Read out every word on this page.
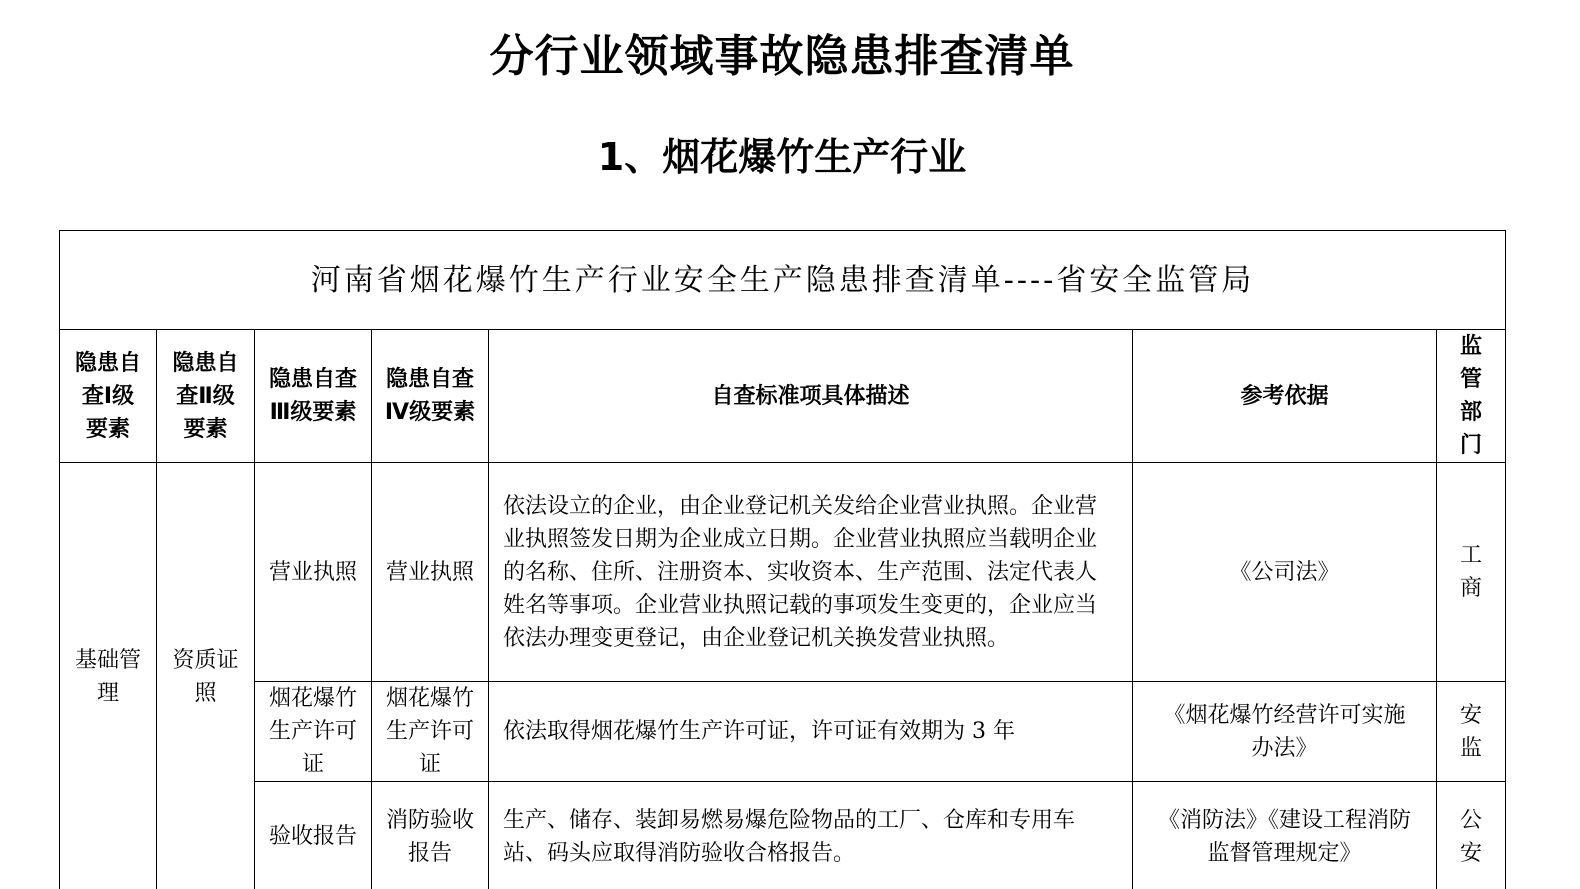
分行业领域事故隐患排查清单
1、烟花爆竹生产行业
河南省烟花爆竹生产行业安全生产隐患排查清单----省安全监管局						
隐患自查Ⅰ级要素	隐患自查Ⅱ级要素	隐患自查Ⅲ级要素	隐患自查Ⅳ级要素	自查标准项具体描述	参考依据	监管部门
基础管理	资质证照	营业执照	营业执照	依法设立的企业，由企业登记机关发给企业营业执照。企业营业执照签发日期为企业成立日期。企业营业执照应当载明企业的名称、住所、注册资本、实收资本、生产范围、法定代表人姓名等事项。企业营业执照记载的事项发生变更的，企业应当依法办理变更登记，由企业登记机关换发营业执照。	《公司法》	工商
		烟花爆竹生产许可证	烟花爆竹生产许可证	依法取得烟花爆竹生产许可证，许可证有效期为 3 年	《烟花爆竹经营许可实施办法》	安监
		验收报告	消防验收报告	生产、储存、装卸易燃易爆危险物品的工厂、仓库和专用车站、码头应取得消防验收合格报告。	《消防法》《建设工程消防监督管理规定》	公安
